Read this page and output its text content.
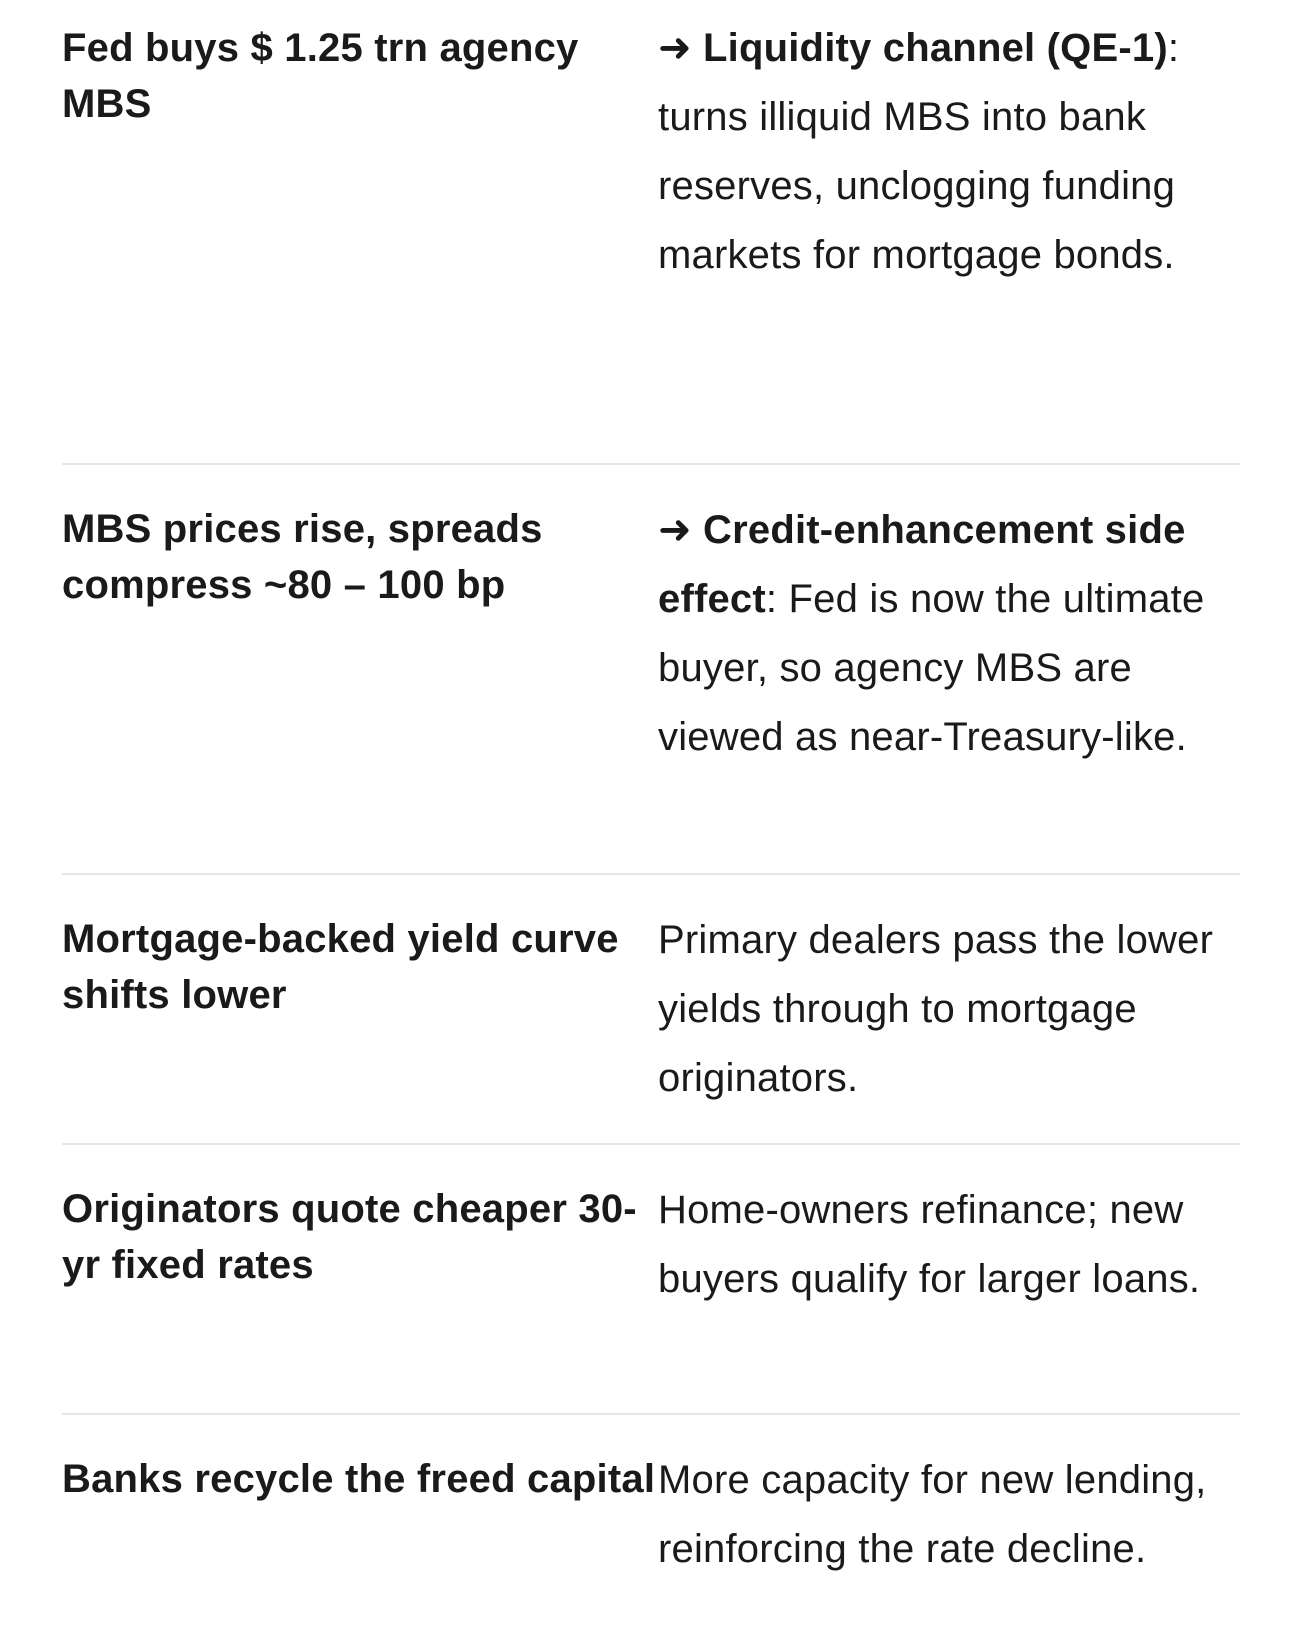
Fed buys $ 1.25 trn agency MBS
➜ Liquidity channel (QE-1): turns illiquid MBS into bank reserves, unclogging funding markets for mortgage bonds.
MBS prices rise, spreads compress ~80 – 100 bp
➜ Credit-enhancement side effect: Fed is now the ultimate buyer, so agency MBS are viewed as near-Treasury-like.
Mortgage-backed yield curve shifts lower
Primary dealers pass the lower yields through to mortgage originators.
Originators quote cheaper 30-yr fixed rates
Home-owners refinance; new buyers qualify for larger loans.
Banks recycle the freed capital More capacity for new lending, reinforcing the rate decline.
